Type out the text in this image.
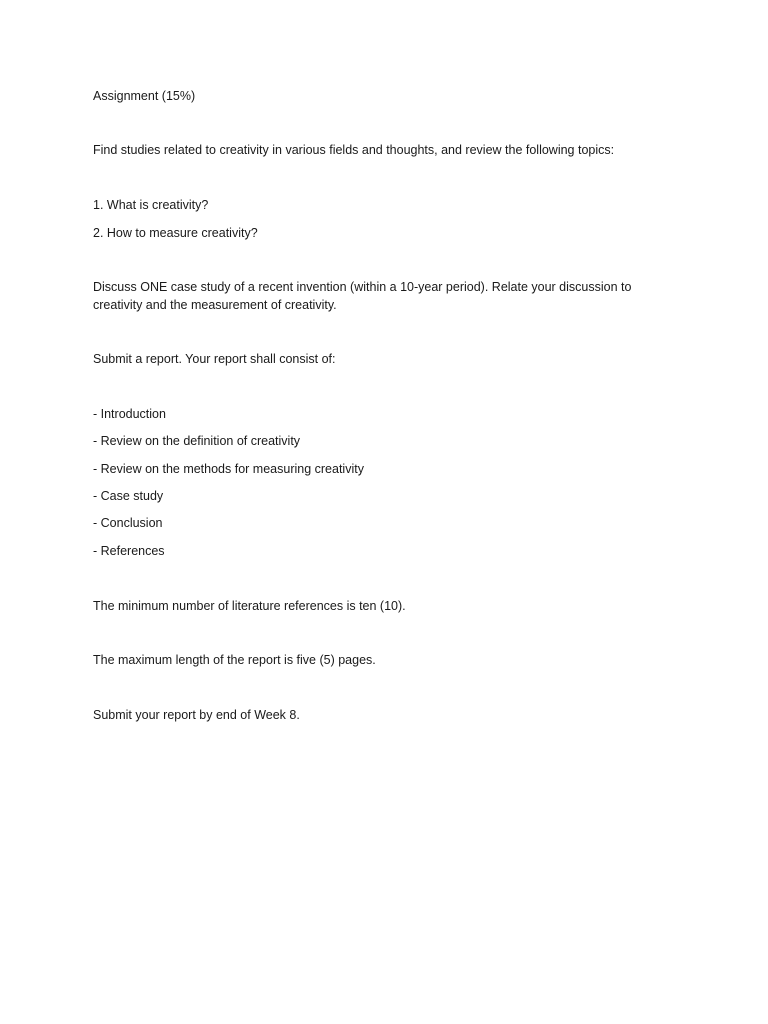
Assignment (15%)
Find studies related to creativity in various fields and thoughts, and review the following topics:
1. What is creativity?
2. How to measure creativity?
Discuss ONE case study of a recent invention (within a 10-year period). Relate your discussion to creativity and the measurement of creativity.
Submit a report. Your report shall consist of:
- Introduction
- Review on the definition of creativity
- Review on the methods for measuring creativity
- Case study
- Conclusion
- References
The minimum number of literature references is ten (10).
The maximum length of the report is five (5) pages.
Submit your report by end of Week 8.
